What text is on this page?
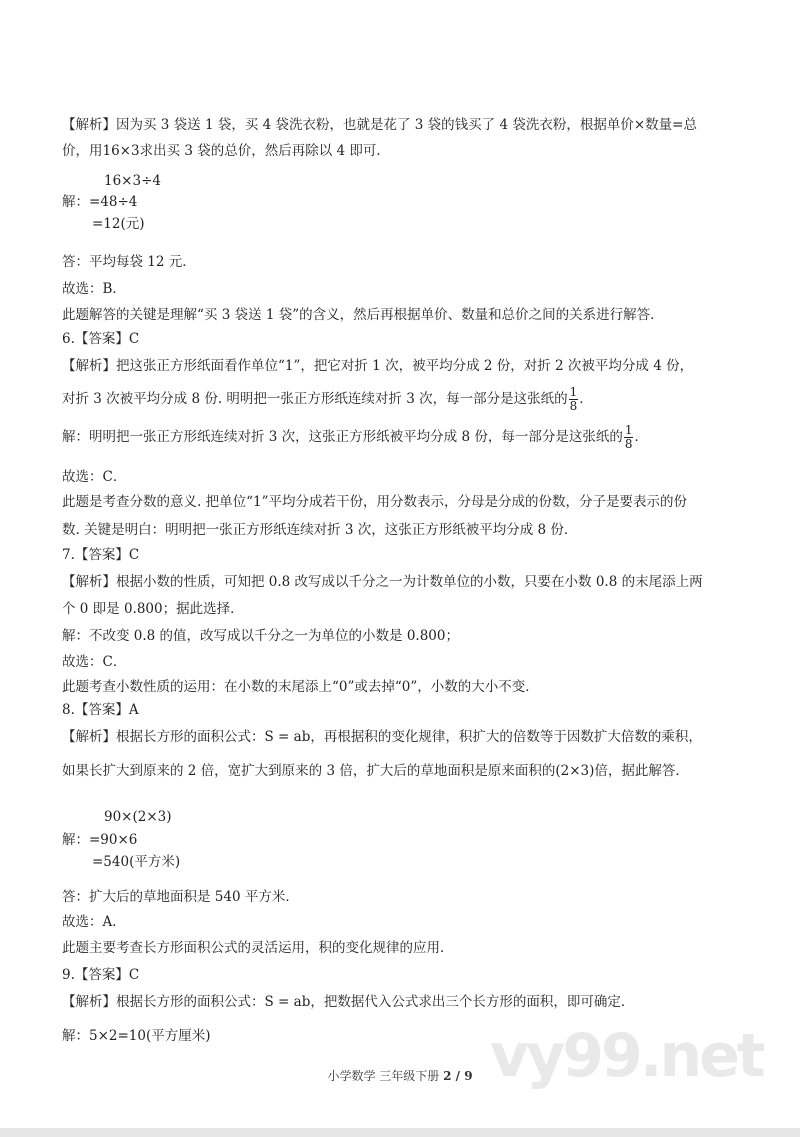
【解析】因为买 3 袋送 1 袋，买 4 袋洗衣粉，也就是花了 3 袋的钱买了 4 袋洗衣粉，根据单价×数量=总
价，用16×3求出买 3 袋的总价，然后再除以 4 即可．
16×3÷4
解：=48÷4
=12(元)
答：平均每袋 12 元．
故选：B．
此题解答的关键是理解“买 3 袋送 1 袋”的含义，然后再根据单价、数量和总价之间的关系进行解答．
6.【答案】C
【解析】把这张正方形纸面看作单位“1”，把它对折 1 次，被平均分成 2 份，对折 2 次被平均分成 4 份，
对折 3 次被平均分成 8 份. 明明把一张正方形纸连续对折 3 次，每一部分是这张纸的 $\frac{1}{8}$ ．
解：明明把一张正方形纸连续对折 3 次，这张正方形纸被平均分成 8 份，每一部分是这张纸的 $\frac{1}{8}$ ．
故选：C．
此题是考查分数的意义. 把单位“1”平均分成若干份，用分数表示，分母是分成的份数，分子是要表示的份
数. 关键是明白：明明把一张正方形纸连续对折 3 次，这张正方形纸被平均分成 8 份．
7.【答案】C
【解析】根据小数的性质，可知把 0.8 改写成以千分之一为计数单位的小数，只要在小数 0.8 的末尾添上两
个 0 即是 0.800；据此选择．
解：不改变 0.8 的值，改写成以千分之一为单位的小数是 0.800；
故选：C．
此题考查小数性质的运用：在小数的末尾添上“0”或去掉“0”，小数的大小不变．
8.【答案】A
【解析】根据长方形的面积公式：S = ab，再根据积的变化规律，积扩大的倍数等于因数扩大倍数的乘积，
如果长扩大到原来的 2 倍，宽扩大到原来的 3 倍，扩大后的草地面积是原来面积的(2×3)倍，据此解答．
90×(2×3)
解：=90×6
=540(平方米)
答：扩大后的草地面积是 540 平方米．
故选：A．
此题主要考查长方形面积公式的灵活运用，积的变化规律的应用．
9.【答案】C
【解析】根据长方形的面积公式：S = ab，把数据代入公式求出三个长方形的面积，即可确定．
解：5×2=10(平方厘米)	vy99.net
小学数学 三年级下册 2 / 9
